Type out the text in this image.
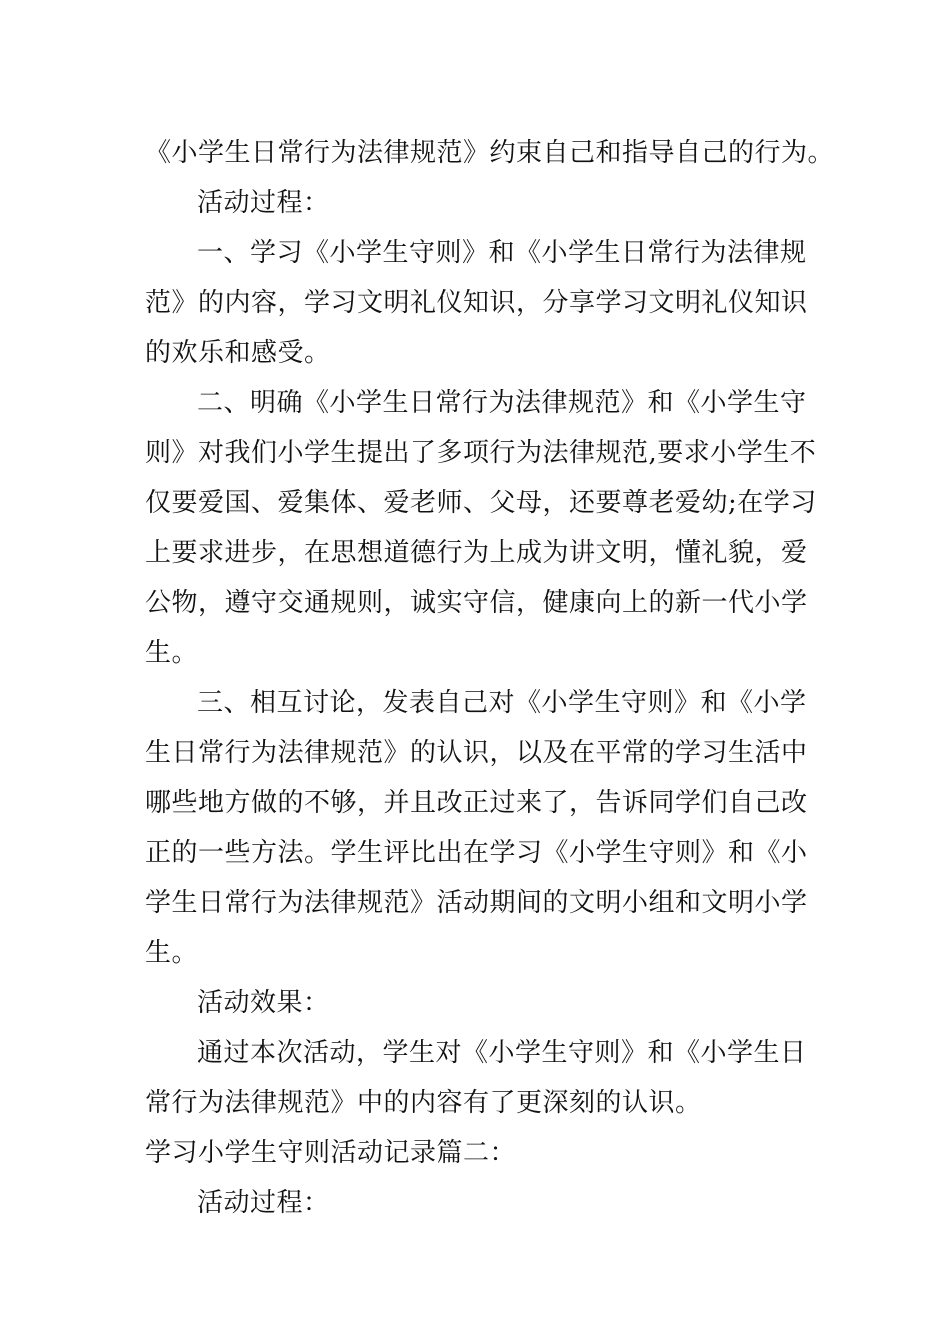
《小学生日常行为法律规范》约束自己和指导自己的行为。
活动过程：
一、学习《小学生守则》和《小学生日常行为法律规
范》的内容，学习文明礼仪知识，分享学习文明礼仪知识
的欢乐和感受。
二、明确《小学生日常行为法律规范》和《小学生守
则》对我们小学生提出了多项行为法律规范,要求小学生不
仅要爱国、爱集体、爱老师、父母，还要尊老爱幼;在学习
上要求进步，在思想道德行为上成为讲文明，懂礼貌，爱
公物，遵守交通规则，诚实守信，健康向上的新一代小学
生。
三、相互讨论，发表自己对《小学生守则》和《小学
生日常行为法律规范》的认识，以及在平常的学习生活中
哪些地方做的不够，并且改正过来了，告诉同学们自己改
正的一些方法。学生评比出在学习《小学生守则》和《小
学生日常行为法律规范》活动期间的文明小组和文明小学
生。
活动效果：
通过本次活动，学生对《小学生守则》和《小学生日
常行为法律规范》中的内容有了更深刻的认识。
学习小学生守则活动记录篇二：
活动过程：
